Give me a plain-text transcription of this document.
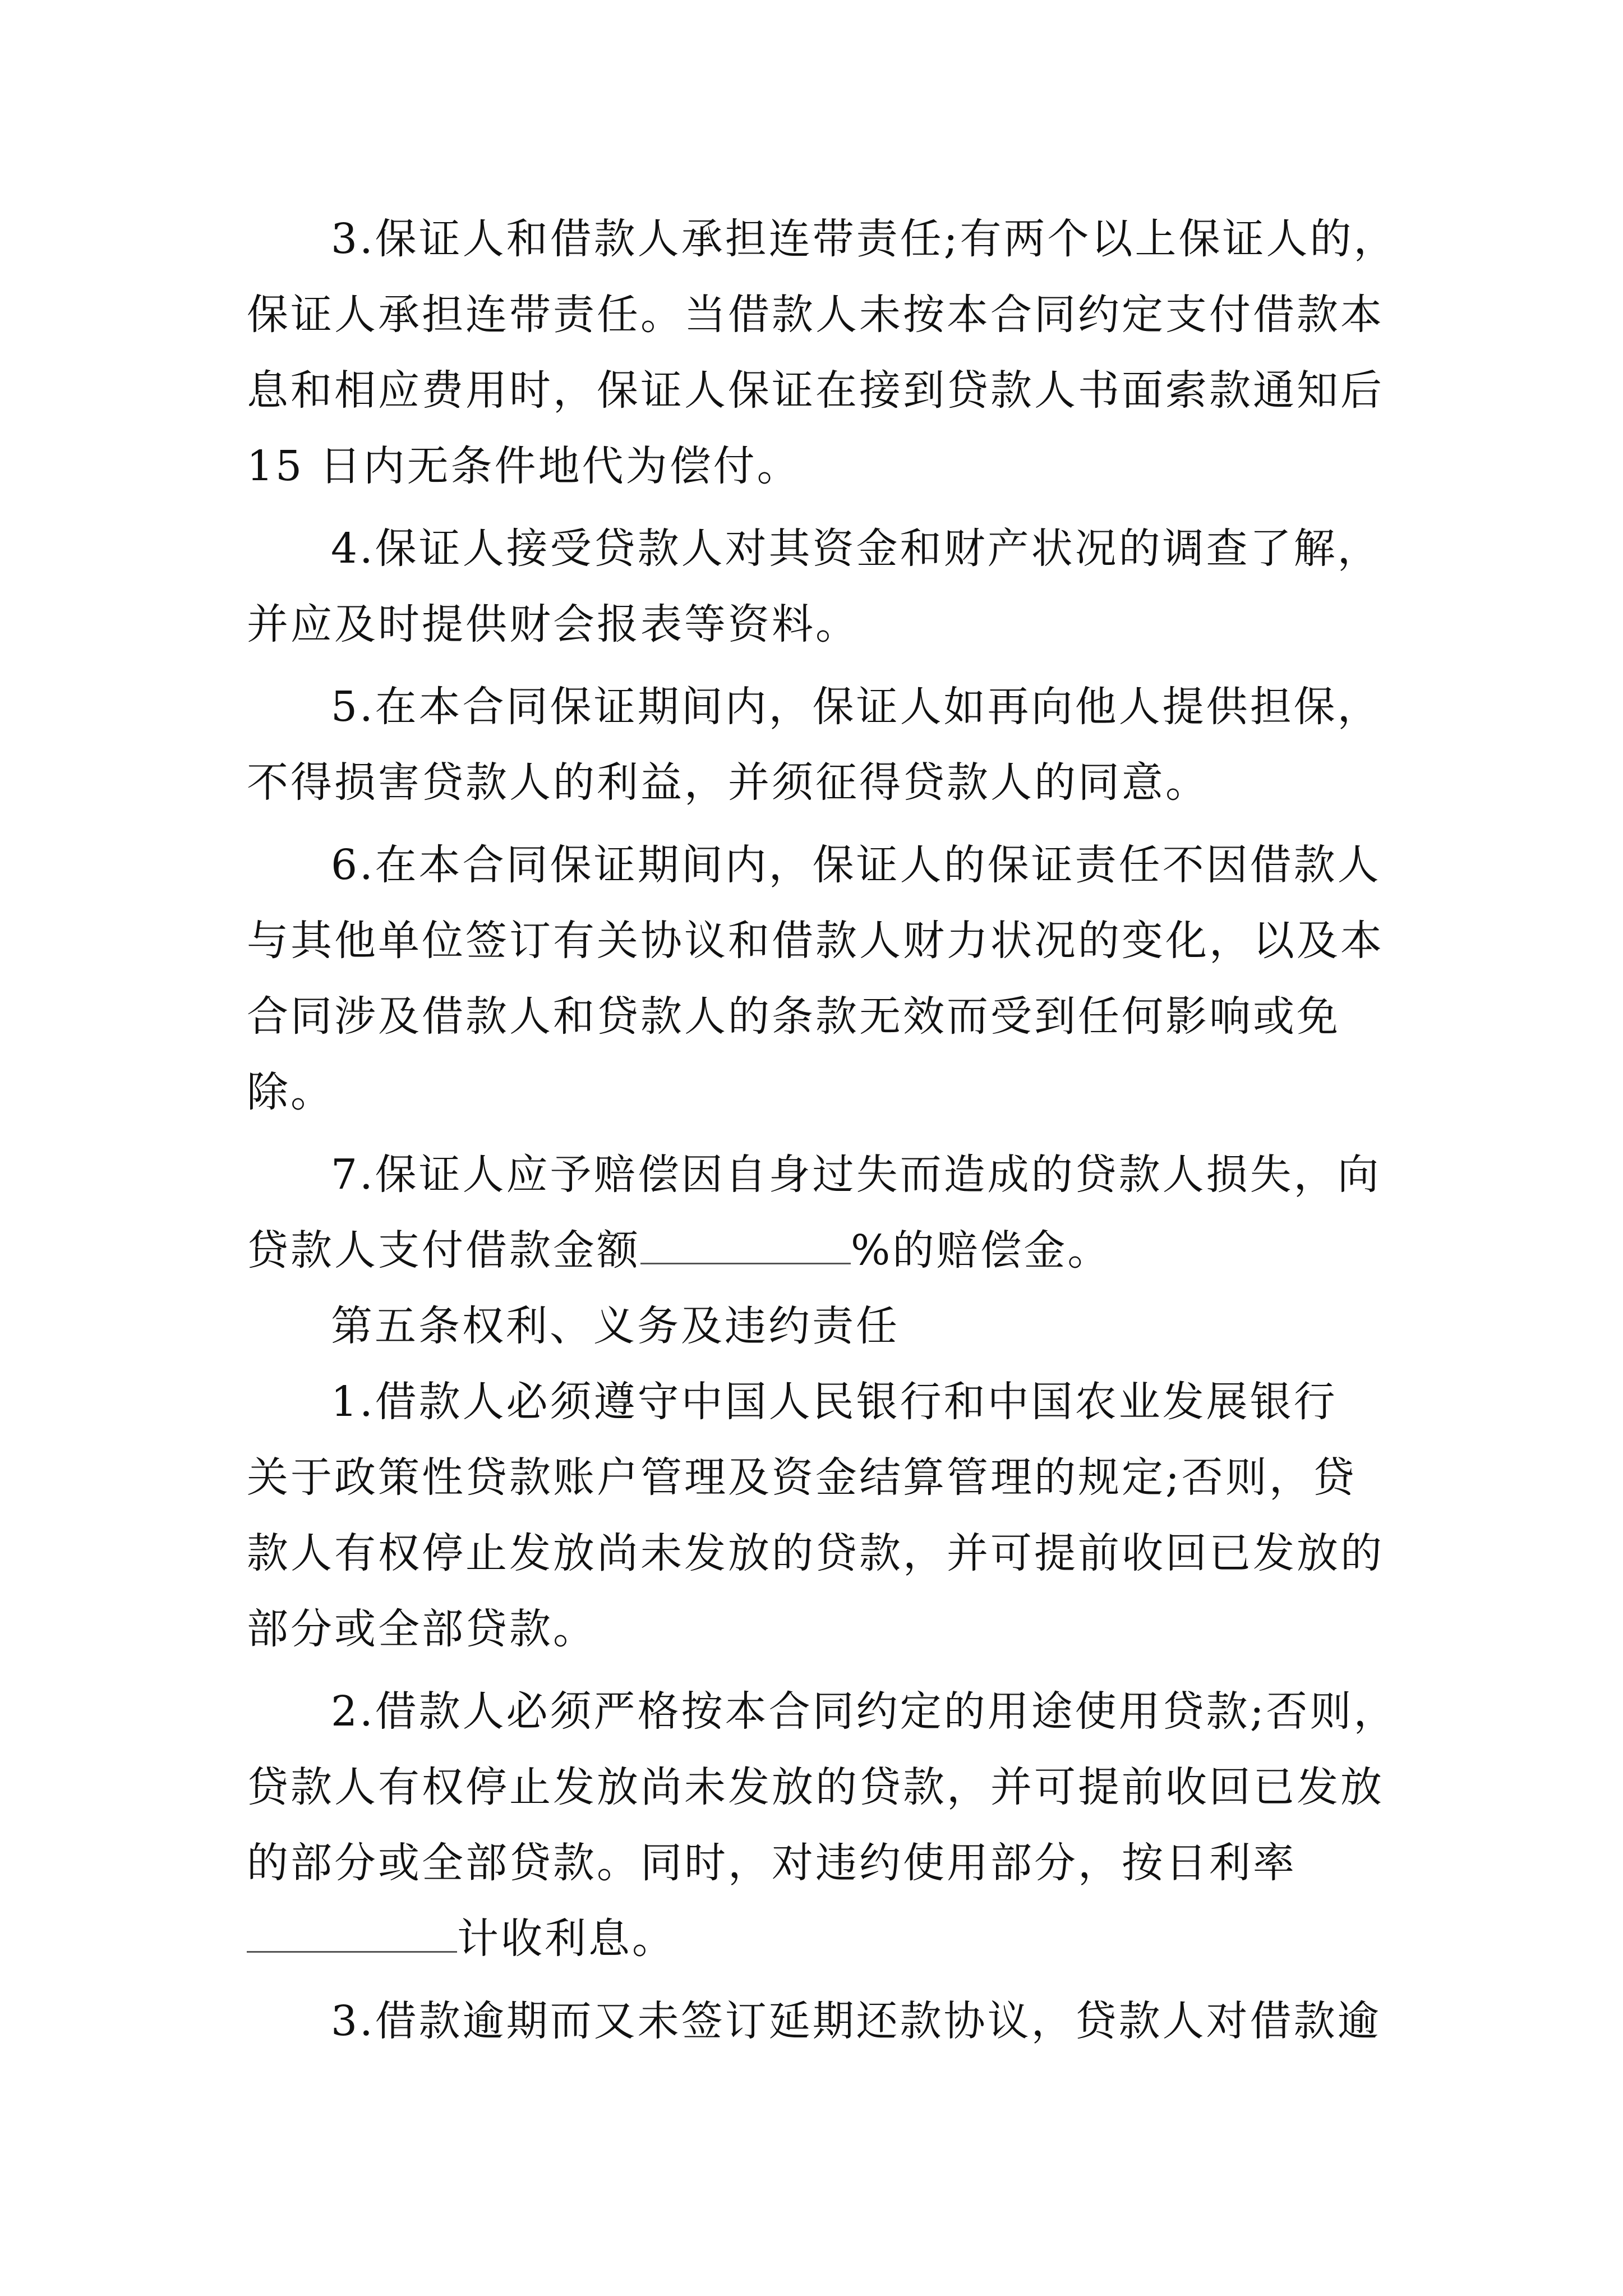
3.保证人和借款人承担连带责任;有两个以上保证人的，
保证人承担连带责任。当借款人未按本合同约定支付借款本
息和相应费用时，保证人保证在接到贷款人书面索款通知后
15 日内无条件地代为偿付。
4.保证人接受贷款人对其资金和财产状况的调查了解，
并应及时提供财会报表等资料。
5.在本合同保证期间内，保证人如再向他人提供担保，
不得损害贷款人的利益，并须征得贷款人的同意。
6.在本合同保证期间内，保证人的保证责任不因借款人
与其他单位签订有关协议和借款人财力状况的变化，以及本
合同涉及借款人和贷款人的条款无效而受到任何影响或免
除。
7.保证人应予赔偿因自身过失而造成的贷款人损失，向
贷款人支付借款金额	%的赔偿金。
第五条权利、义务及违约责任
1.借款人必须遵守中国人民银行和中国农业发展银行
关于政策性贷款账户管理及资金结算管理的规定;否则，贷
款人有权停止发放尚未发放的贷款，并可提前收回已发放的
部分或全部贷款。
2.借款人必须严格按本合同约定的用途使用贷款;否则，
贷款人有权停止发放尚未发放的贷款，并可提前收回已发放
的部分或全部贷款。同时，对违约使用部分，按日利率
计收利息。
3.借款逾期而又未签订延期还款协议，贷款人对借款逾
